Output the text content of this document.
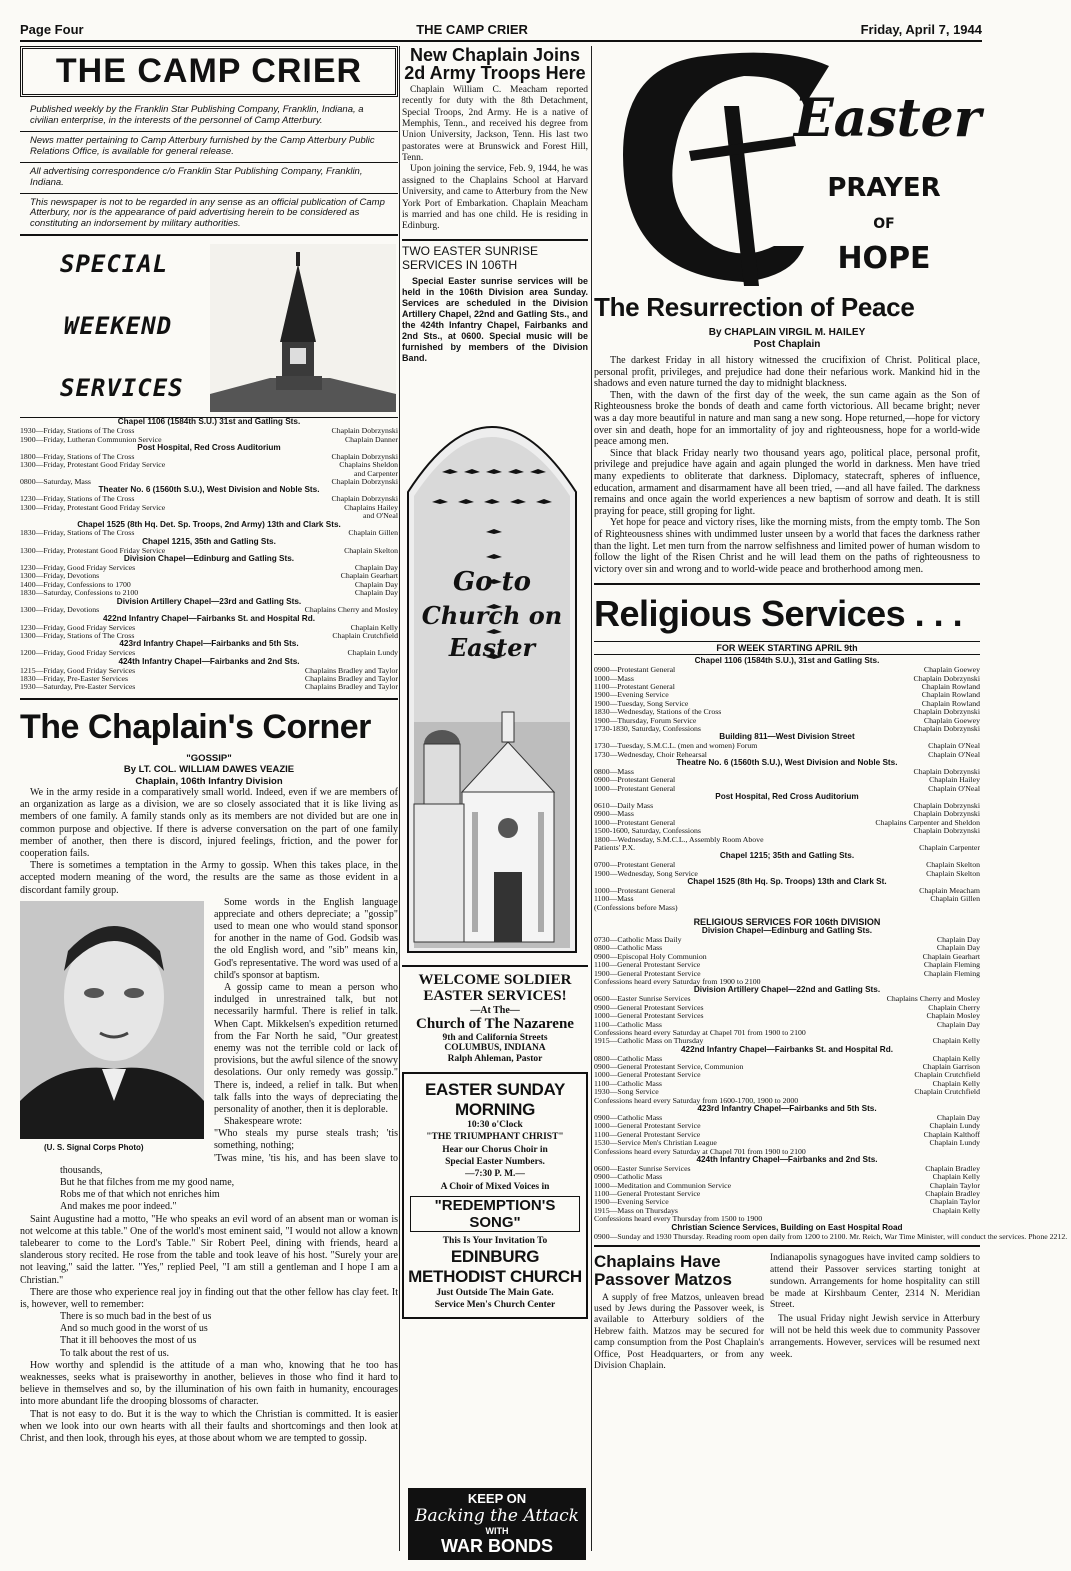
Page Four	THE CAMP CRIER	Friday, April 7, 1944
THE CAMP CRIER
Published weekly by the Franklin Star Publishing Company, Franklin, Indiana, a civilian enterprise, in the interests of the personnel of Camp Atterbury.
News matter pertaining to Camp Atterbury furnished by the Camp Atterbury Public Relations Office, is available for general release.
All advertising correspondence c/o Franklin Star Publishing Company, Franklin, Indiana.
This newspaper is not to be regarded in any sense as an official publication of Camp Atterbury, nor is the appearance of paid advertising herein to be considered as constituting an indorsement by military authorities.
SPECIAL
WEEKEND
SERVICES
Chapel 1106 (1584th S.U.) 31st and Gatling Sts.
1930—Friday, Stations of The Cross	Chaplain Dobrzynski
1900—Friday, Lutheran Communion Service	Chaplain Danner
Post Hospital, Red Cross Auditorium
1800—Friday, Stations of The Cross	Chaplain Dobrzynski
1300—Friday, Protestant Good Friday Service	Chaplains Sheldon
and Carpenter
0800—Saturday, Mass	Chaplain Dobrzynski
Theater No. 6 (1560th S.U.), West Division and Noble Sts.
1230—Friday, Stations of The Cross	Chaplain Dobrzynski
1300—Friday, Protestant Good Friday Service	Chaplains Hailey
and O'Neal
Chapel 1525 (8th Hq. Det. Sp. Troops, 2nd Army) 13th and Clark Sts.
1830—Friday, Stations of The Cross	Chaplain Gillen
Chapel 1215, 35th and Gatling Sts.
1300—Friday, Protestant Good Friday Service	Chaplain Skelton
Division Chapel—Edinburg and Gatling Sts.
1230—Friday, Good Friday Services	Chaplain Day
1300—Friday, Devotions	Chaplain Gearhart
1400—Friday, Confessions to 1700	Chaplain Day
1830—Saturday, Confessions to 2100	Chaplain Day
Division Artillery Chapel—23rd and Gatling Sts.
1300—Friday, Devotions	Chaplains Cherry and Mosley
422nd Infantry Chapel—Fairbanks St. and Hospital Rd.
1230—Friday, Good Friday Services	Chaplain Kelly
1300—Friday, Stations of The Cross	Chaplain Crutchfield
423rd Infantry Chapel—Fairbanks and 5th Sts.
1200—Friday, Good Friday Services	Chaplain Lundy
424th Infantry Chapel—Fairbanks and 2nd Sts.
1215—Friday, Good Friday Services	Chaplains Bradley and Taylor
1830—Friday, Pre-Easter Services	Chaplains Bradley and Taylor
1930—Saturday, Pre-Easter Services	Chaplains Bradley and Taylor
The Chaplain's Corner
"GOSSIP"
By LT. COL. WILLIAM DAWES VEAZIE
Chaplain, 106th Infantry Division

We in the army reside in a comparatively small world. Indeed, even if we are members of an organization as large as a division, we are so closely associated that it is like living as members of one family. A family stands only as its members are not divided but are one in common purpose and objective. If there is adverse conversation on the part of one family member of another, then there is discord, injured feelings, friction, and the power for cooperation fails.

There is sometimes a temptation in the Army to gossip. When this takes place, in the accepted modern meaning of the word, the results are the same as those evident in a discordant family group.

(U. S. Signal Corps Photo)

Some words in the English language appreciate and others depreciate; a "gossip" used to mean one who would stand sponsor for another in the name of God. Godsib was the old English word, and "sib" means kin, God's representative. The word was used of a child's sponsor at baptism.

A gossip came to mean a person who indulged in unrestrained talk, but not necessarily harmful. There is relief in talk. When Capt. Mikkelsen's expedition returned from the Far North he said, "Our greatest enemy was not the terrible cold or lack of provisions, but the awful silence of the snowy desolations. Our only remedy was gossip." There is, indeed, a relief in talk. But when talk falls into the ways of depreciating the personality of another, then it is deplorable.

Shakespeare wrote:

"Who steals my purse steals trash; 'tis something, nothing;
'Twas mine, 'tis his, and has been slave to thousands,
But he that filches from me my good name,
Robs me of that which not enriches him
And makes me poor indeed."

Saint Augustine had a motto, "He who speaks an evil word of an absent man or woman is not welcome at this table." One of the world's most eminent said, "I would not allow a known talebearer to come to the Lord's Table." Sir Robert Peel, dining with friends, heard a slanderous story recited. He rose from the table and took leave of his host. "Surely your are not leaving," said the latter. "Yes," replied Peel, "I am still a gentleman and I hope I am a Christian."

There are those who experience real joy in finding out that the other fellow has clay feet. It is, however, well to remember:

There is so much bad in the best of us
And so much good in the worst of us
That it ill behooves the most of us
To talk about the rest of us.

How worthy and splendid is the attitude of a man who, knowing that he too has weaknesses, seeks what is praiseworthy in another, believes in those who find it hard to believe in themselves and so, by the illumination of his own faith in humanity, encourages into more abundant life the drooping blossoms of character.

That is not easy to do. But it is the way to which the Christian is committed. It is easier when we look into our own hearts with all their faults and shortcomings and then look at Christ, and then look, through his eyes, at those about whom we are tempted to gossip.

New Chaplain Joins 2d Army Troops Here

Chaplain William C. Meacham reported recently for duty with the 8th Detachment, Special Troops, 2nd Army. He is a native of Memphis, Tenn., and received his degree from Union University, Jackson, Tenn. His last two pastorates were at Brunswick and Forest Hill, Tenn.

Upon joining the service, Feb. 9, 1944, he was assigned to the Chaplains School at Harvard University, and came to Atterbury from the New York Port of Embarkation. Chaplain Meacham is married and has one child. He is residing in Edinburg.

TWO EASTER SUNRISE SERVICES IN 106TH
Special Easter sunrise services will be held in the 106th Division area Sunday. Services are scheduled in the Division Artillery Chapel, 22nd and Gatling Sts., and the 424th Infantry Chapel, Fairbanks and 2nd Sts., at 0600. Special music will be furnished by members of the Division Band.
Go to
Church on
Easter
WELCOME SOLDIER
EASTER SERVICES!
—At The—
Church of The Nazarene
9th and California Streets
COLUMBUS, INDIANA
Ralph Ahleman, Pastor
EASTER SUNDAY
MORNING
10:30 o'Clock
"THE TRIUMPHANT CHRIST"
Hear our Chorus Choir in
Special Easter Numbers.
—7:30 P. M.—
A Choir of Mixed Voices in
"REDEMPTION'S SONG"
This Is Your Invitation To
EDINBURG
METHODIST CHURCH
Just Outside The Main Gate.
Service Men's Church Center
Easter
PRAYER
OF
HOPE
The Resurrection of Peace
By CHAPLAIN VIRGIL M. HAILEY
Post Chaplain

The darkest Friday in all history witnessed the crucifixion of Christ. Political place, personal profit, privileges, and prejudice had done their nefarious work. Mankind hid in the shadows and even nature turned the day to midnight blackness.

Then, with the dawn of the first day of the week, the sun came again as the Son of Righteousness broke the bonds of death and came forth victorious. All became bright; never was a day more beautiful in nature and man sang a new song. Hope returned,—hope for victory over sin and death, hope for an immortality of joy and righteousness, hope for a world-wide peace among men.

Since that black Friday nearly two thousand years ago, political place, personal profit, privilege and prejudice have again and again plunged the world in darkness. Men have tried many expedients to obliterate that darkness. Diplomacy, statecraft, spheres of influence, education, armament and disarmament have all been tried, —and all have failed. The darkness remains and once again the world experiences a new baptism of sorrow and death. It is still praying for peace, still groping for light.

Yet hope for peace and victory rises, like the morning mists, from the empty tomb. The Son of Righteousness shines with undimmed luster unseen by a world that faces the darkness rather than the light. Let men turn from the narrow selfishness and limited power of human wisdom to follow the light of the Risen Christ and he will lead them on the paths of righteousness to victory over sin and wrong and to world-wide peace and brotherhood among men.

Religious Services . . .
FOR WEEK STARTING APRIL 9th
Chapel 1106 (1584th S.U.), 31st and Gatling Sts.
0900—Protestant General	Chaplain Goewey
1000—Mass	Chaplain Dobrzynski
1100—Protestant General	Chaplain Rowland
1900—Evening Service	Chaplain Rowland
1900—Tuesday, Song Service	Chaplain Rowland
1830—Wednesday, Stations of the Cross	Chaplain Dobrzynski
1900—Thursday, Forum Service	Chaplain Goewey
1730-1830, Saturday, Confessions	Chaplain Dobrzynski
Building 811—West Division Street
1730—Tuesday, S.M.C.L. (men and women) Forum	Chaplain O'Neal
1730—Wednesday, Choir Rehearsal	Chaplain O'Neal
Theatre No. 6 (1560th S.U.), West Division and Noble Sts.
0800—Mass	Chaplain Dobrzynski
0900—Protestant General	Chaplain Hailey
1000—Protestant General	Chaplain O'Neal
Post Hospital, Red Cross Auditorium
0610—Daily Mass	Chaplain Dobrzynski
0900—Mass	Chaplain Dobrzynski
1000—Protestant General	Chaplains Carpenter and Sheldon
1500-1600, Saturday, Confessions	Chaplain Dobrzynski
1800—Wednesday, S.M.C.L., Assembly Room Above
Patients' P.X.	Chaplain Carpenter
Chapel 1215; 35th and Gatling Sts.
0700—Protestant General	Chaplain Skelton
1900—Wednesday, Song Service	Chaplain Skelton
Chapel 1525 (8th Hq. Sp. Troops) 13th and Clark St.
1000—Protestant General	Chaplain Meacham
1100—Mass	Chaplain Gillen
(Confessions before Mass)
RELIGIOUS SERVICES FOR 106th DIVISION
Division Chapel—Edinburg and Gatling Sts.
0730—Catholic Mass Daily	Chaplain Day
0800—Catholic Mass	Chaplain Day
0900—Episcopal Holy Communion	Chaplain Gearhart
1100—General Protestant Service	Chaplain Fleming
1900—General Protestant Service	Chaplain Fleming
Confessions heard every Saturday from 1900 to 2100
Division Artillery Chapel—22nd and Gatling Sts.
0600—Easter Sunrise Services	Chaplains Cherry and Mosley
0900—General Protestant Services	Chaplain Cherry
1000—General Protestant Services	Chaplain Mosley
1100—Catholic Mass	Chaplain Day
Confessions heard every Saturday at Chapel 701 from 1900 to 2100
1915—Catholic Mass on Thursday	Chaplain Kelly
422nd Infantry Chapel—Fairbanks St. and Hospital Rd.
0800—Catholic Mass	Chaplain Kelly
0900—General Protestant Service, Communion	Chaplain Garrison
1000—General Protestant Service	Chaplain Crutchfield
1100—Catholic Mass	Chaplain Kelly
1930—Song Service	Chaplain Crutchfield
Confessions heard every Saturday from 1600-1700, 1900 to 2000
423rd Infantry Chapel—Fairbanks and 5th Sts.
0900—Catholic Mass	Chaplain Day
1000—General Protestant Service	Chaplain Lundy
1100—General Protestant Service	Chaplain Kalthoff
1530—Service Men's Christian League	Chaplain Lundy
Confessions heard every Saturday at Chapel 701 from 1900 to 2100
424th Infantry Chapel—Fairbanks and 2nd Sts.
0600—Easter Sunrise Services	Chaplain Bradley
0900—Catholic Mass	Chaplain Kelly
1000—Meditation and Communion Service	Chaplain Taylor
1100—General Protestant Service	Chaplain Bradley
1900—Evening Service	Chaplain Taylor
1915—Mass on Thursdays	Chaplain Kelly
Confessions heard every Thursday from 1500 to 1900
Christian Science Services, Building on East Hospital Road
0900—Sunday and 1930 Thursday. Reading room open daily from 1200 to 2100. Mr. Reich, War Time Minister, will conduct the services. Phone 2212.
Chaplains Have Passover Matzos
A supply of free Matzos, unleaven bread used by Jews during the Passover week, is available to Atterbury soldiers of the Hebrew faith. Matzos may be secured for camp consumption from the Post Chaplain's Office, Post Headquarters, or from any Division Chaplain.
Indianapolis synagogues have invited camp soldiers to attend their Passover services starting tonight at sundown. Arrangements for home hospitality can still be made at Kirshbaum Center, 2314 N. Meridian Street.
The usual Friday night Jewish service in Atterbury will not be held this week due to community Passover arrangements. However, services will be resumed next week.
KEEP ON
Backing the Attack
WITH
WAR BONDS
